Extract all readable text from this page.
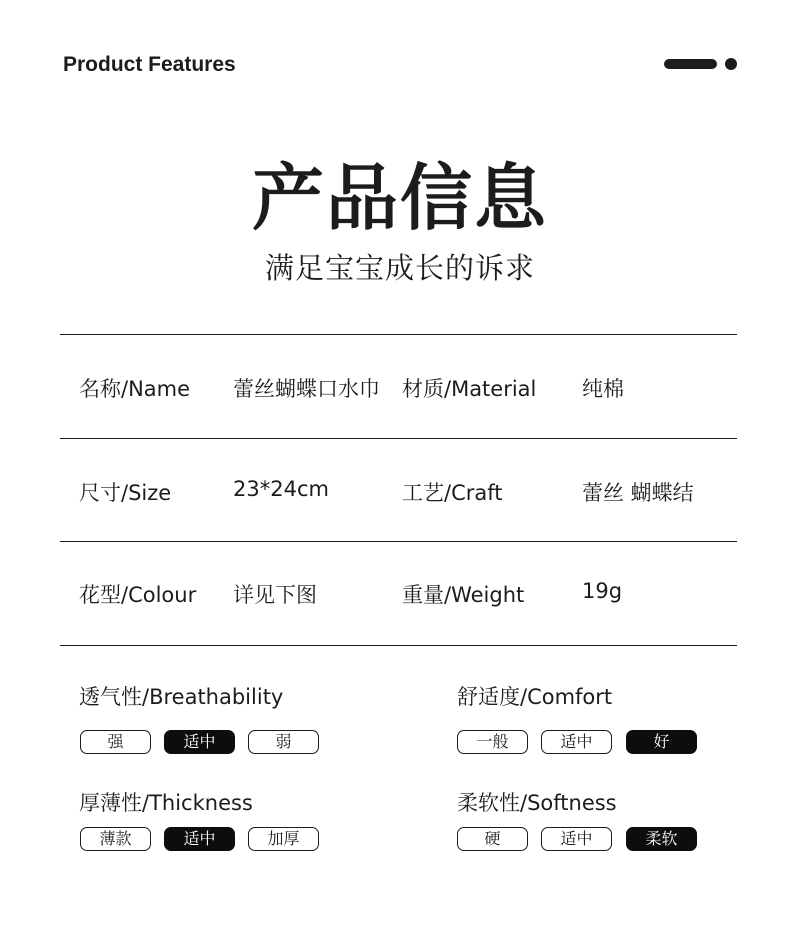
Product Features
产品信息
满足宝宝成长的诉求
名称/Name 蕾丝蝴蝶口水巾 材质/Material 纯棉
尺寸/Size	23*24cm	工艺/Craft	蕾丝 蝴蝶结
花型/Colour 详见下图	重量/Weight	19g
透气性/Breathability
强	适中	弱
舒适度/Comfort
一般	适中	好
厚薄性/Thickness
薄款	适中	加厚
柔软性/Softness
硬	适中	柔软
